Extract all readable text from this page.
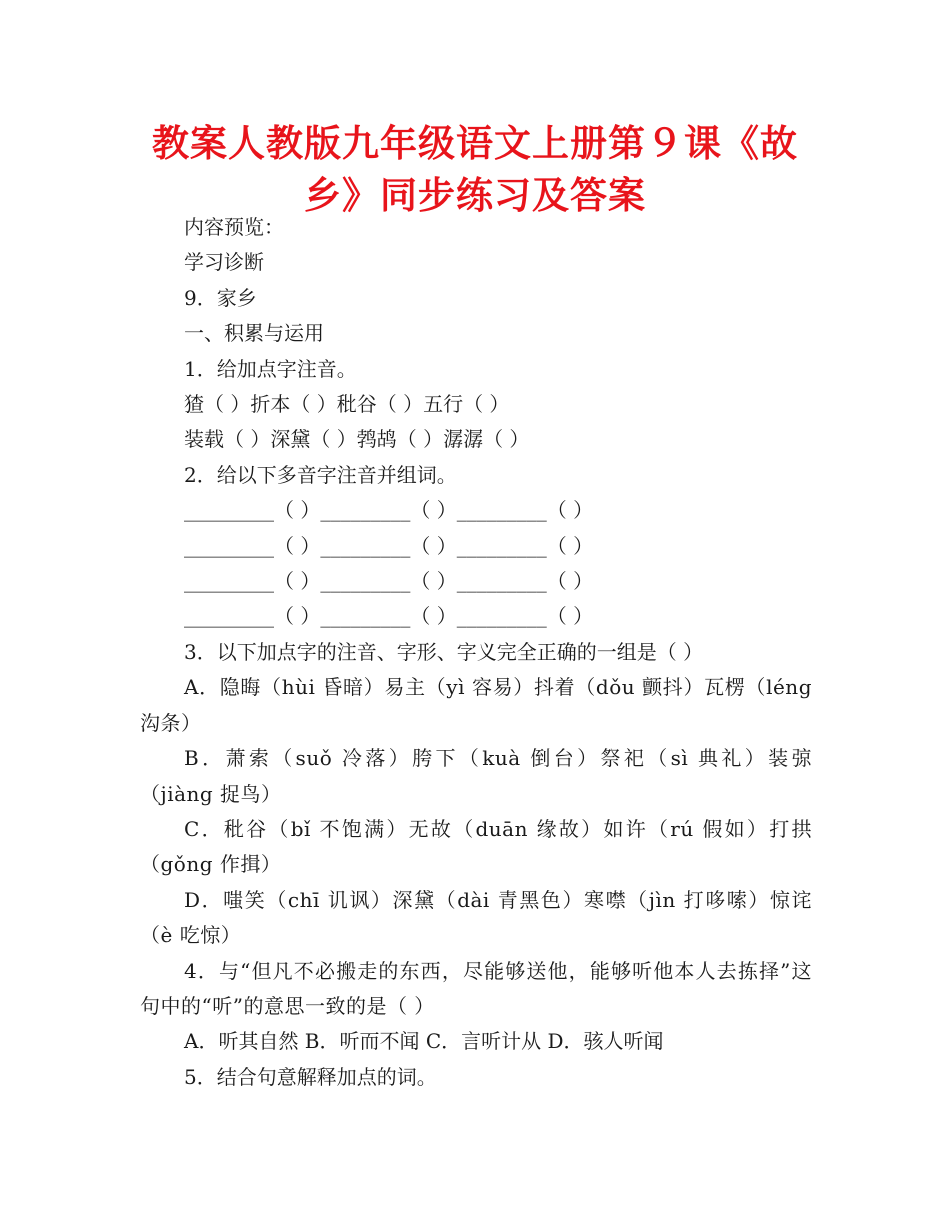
教案人教版九年级语文上册第９课《故乡》同步练习及答案

内容预览：

学习诊断

9．家乡

一、积累与运用

1．给加点字注音。

猹（ ）折本（ ）秕谷（ ）五行（ ）

装载（ ）深黛（ ）鹁鸪（ ）潺潺（ ）

2．给以下多音字注音并组词。

_________（ ）_________（ ）_________（ ）

_________（ ）_________（ ）_________（ ）

_________（ ）_________（ ）_________（ ）

_________（ ）_________（ ）_________（ ）

3．以下加点字的注音、字形、字义完全正确的一组是（ ）

A．隐晦（hùi 昏暗）易主（yì 容易）抖着（dǒu 颤抖）瓦楞（léng 沟条）

B．萧索（suǒ 冷落）胯下（kuà 倒台）祭祀（sì 典礼）装弶（jiàng 捉鸟）

C．秕谷（bǐ 不饱满）无故（duān 缘故）如许（rú 假如）打拱（gǒng 作揖）

D．嗤笑（chī 讥讽）深黛（dài 青黑色）寒噤（jìn 打哆嗦）惊诧（è 吃惊）

4．与“但凡不必搬走的东西，尽能够送他，能够听他本人去拣择”这句中的“听”的意思一致的是（ ）

A．听其自然 B．听而不闻 C．言听计从 D．骇人听闻

5．结合句意解释加点的词。
